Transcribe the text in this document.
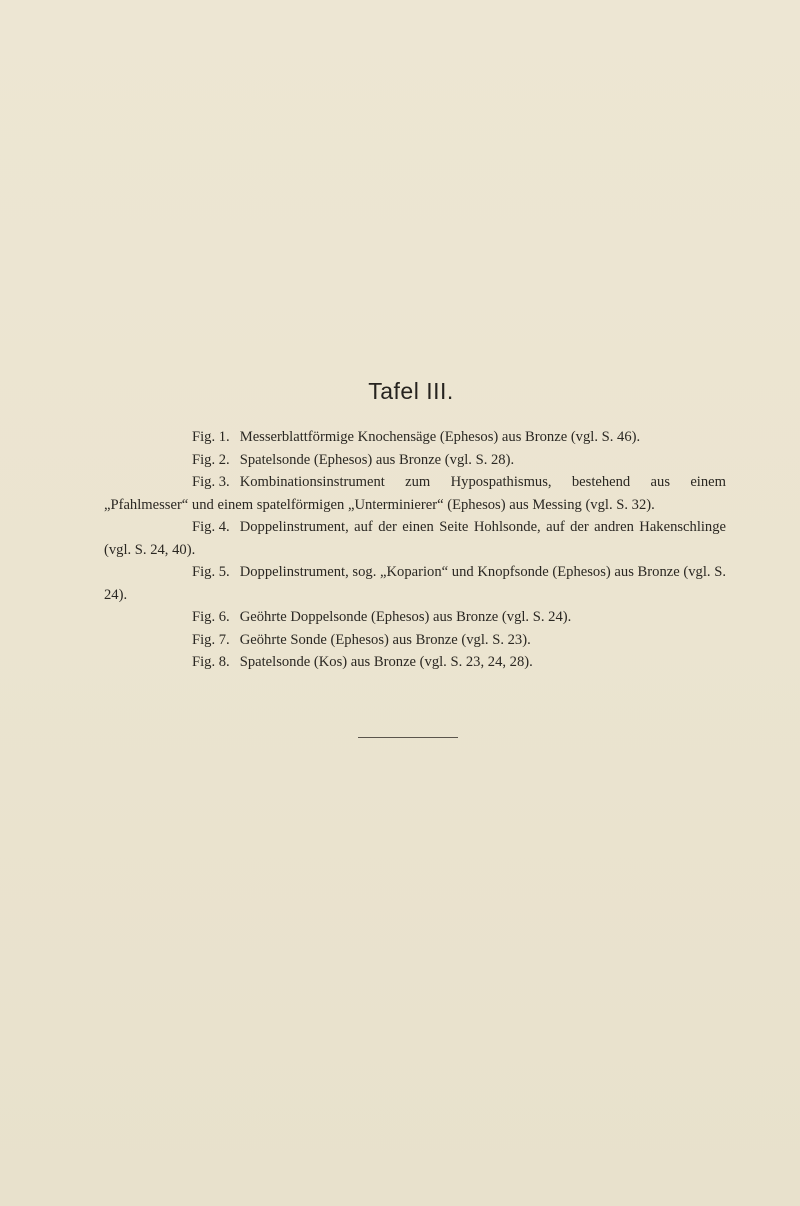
Tafel III.

Fig. 1. Messerblattförmige Knochensäge (Ephesos) aus Bronze (vgl. S. 46).

Fig. 2. Spatelsonde (Ephesos) aus Bronze (vgl. S. 28).

Fig. 3. Kombinationsinstrument zum Hypospathismus, bestehend aus einem „Pfahlmesser“ und einem spatelförmigen „Unterminierer“ (Ephesos) aus Messing (vgl. S. 32).

Fig. 4. Doppelinstrument, auf der einen Seite Hohlsonde, auf der andren Hakenschlinge (vgl. S. 24, 40).

Fig. 5. Doppelinstrument, sog. „Koparion“ und Knopfsonde (Ephesos) aus Bronze (vgl. S. 24).

Fig. 6. Geöhrte Doppelsonde (Ephesos) aus Bronze (vgl. S. 24).

Fig. 7. Geöhrte Sonde (Ephesos) aus Bronze (vgl. S. 23).

Fig. 8. Spatelsonde (Kos) aus Bronze (vgl. S. 23, 24, 28).
